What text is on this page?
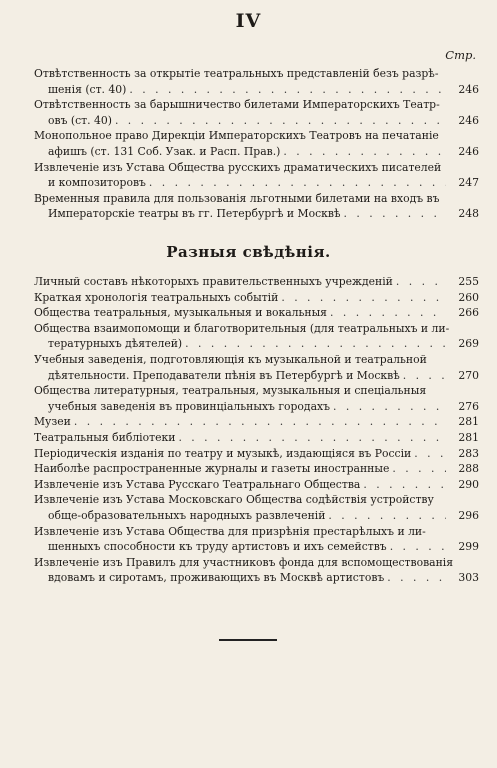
IV
Стр.
Отвѣтственность за открытіе театральныхъ представленій безъ разрѣ-
шенія (ст. 40) . . .	246
Отвѣтственность за барышничество билетами Императорскихъ Театр-
овъ (ст. 40) . . .	246
Монопольное право Дирекціи Императорскихъ Театровъ на печатаніе
афишъ (ст. 131 Соб. Узак. и Расп. Прав.) . . .	246
Извлеченіе изъ Устава Общества русскихъ драматическихъ писателей
и композиторовъ . . .	247
Временныя правила для пользованія льготными билетами на входъ въ
Императорскіе театры въ гг. Петербургѣ и Москвѣ . . .	248
Разныя свѣдѣнія.
Личный составъ нѣкоторыхъ правительственныхъ учрежденій . . .	255
Краткая хронологія театральныхъ событій . . .	260
Общества театральныя, музыкальныя и вокальныя . . .	266
Общества взаимопомощи и благотворительныя (для театральныхъ и ли-
тературныхъ дѣятелей) . . .	269
Учебныя заведенія, подготовляющія къ музыкальной и театральной
дѣятельности. Преподаватели пѣнія въ Петербургѣ и Москвѣ . . .	270
Общества литературныя, театральныя, музыкальныя и спеціальныя
учебныя заведенія въ провинціальныхъ городахъ . . .	276
Музеи . . .	281
Театральныя библіотеки . . .	281
Періодическія изданія по театру и музыкѣ, издающіяся въ Россіи . . .	283
Наиболѣе распространенные журналы и газеты иностранные . . .	288
Извлеченіе изъ Устава Русскаго Театральнаго Общества . . .	290
Извлеченіе изъ Устава Московскаго Общества содѣйствія устройству
обще-образовательныхъ народныхъ развлеченій . . .	296
Извлеченіе изъ Устава Общества для призрѣнія престарѣлыхъ и ли-
шенныхъ способности къ труду артистовъ и ихъ семействъ . . .	299
Извлеченіе изъ Правилъ для участниковъ фонда для вспомоществованія
вдовамъ и сиротамъ, проживающихъ въ Москвѣ артистовъ . . .	303
